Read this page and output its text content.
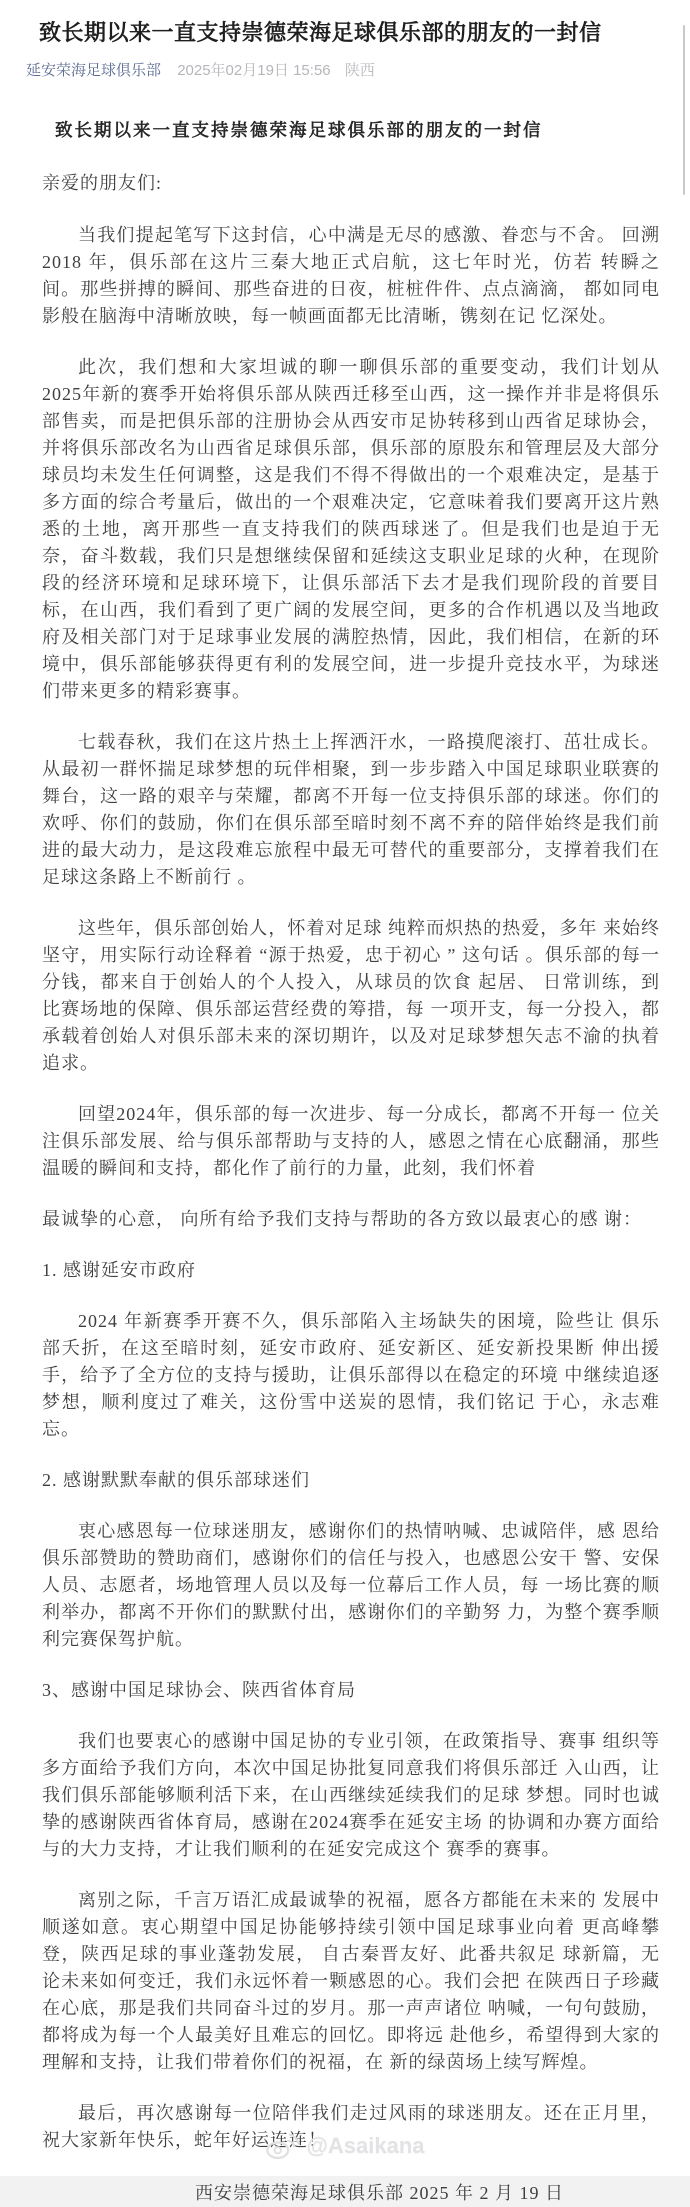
致长期以来一直支持崇德荣海足球俱乐部的朋友的一封信
延安荣海足球俱乐部 2025年02月19日 15:56 陕西
致长期以来一直支持崇德荣海足球俱乐部的朋友的一封信
亲爱的朋友们:

当我们提起笔写下这封信，心中满是无尽的感激、眷恋与不舍。 回溯 2018 年，俱乐部在这片三秦大地正式启航，这七年时光，仿若 转瞬之间。那些拼搏的瞬间、那些奋进的日夜，桩桩件件、点点滴滴， 都如同电影般在脑海中清晰放映，每一帧画面都无比清晰，镌刻在记 忆深处。

此次，我们想和大家坦诚的聊一聊俱乐部的重要变动，我们计划从2025年新的赛季开始将俱乐部从陕西迁移至山西，这一操作并非是将俱乐部售卖，而是把俱乐部的注册协会从西安市足协转移到山西省足球协会，并将俱乐部改名为山西省足球俱乐部，俱乐部的原股东和管理层及大部分球员均未发生任何调整，这是我们不得不得做出的一个艰难决定，是基于多方面的综合考量后，做出的一个艰难决定，它意味着我们要离开这片熟悉的土地，离开那些一直支持我们的陕西球迷了。但是我们也是迫于无奈，奋斗数载，我们只是想继续保留和延续这支职业足球的火种，在现阶段的经济环境和足球环境下，让俱乐部活下去才是我们现阶段的首要目标，在山西，我们看到了更广阔的发展空间，更多的合作机遇以及当地政府及相关部门对于足球事业发展的满腔热情，因此，我们相信，在新的环境中，俱乐部能够获得更有利的发展空间，进一步提升竞技水平，为球迷们带来更多的精彩赛事。

七载春秋，我们在这片热土上挥洒汗水，一路摸爬滚打、茁壮成长。从最初一群怀揣足球梦想的玩伴相聚，到一步步踏入中国足球职业联赛的舞台，这一路的艰辛与荣耀，都离不开每一位支持俱乐部的球迷。你们的欢呼、你们的鼓励，你们在俱乐部至暗时刻不离不弃的陪伴始终是我们前进的最大动力，是这段难忘旅程中最无可替代的重要部分，支撑着我们在足球这条路上不断前行 。

这些年，俱乐部创始人，怀着对足球 纯粹而炽热的热爱，多年 来始终坚守，用实际行动诠释着 “源于热爱，忠于初心 ” 这句话 。俱乐部的每一分钱，都来自于创始人的个人投入，从球员的饮食 起居、 日常训练，到比赛场地的保障、俱乐部运营经费的筹措，每 一项开支，每一分投入，都承载着创始人对俱乐部未来的深切期许，以及对足球梦想矢志不渝的执着追求。

回望2024年，俱乐部的每一次进步、每一分成长，都离不开每一 位关注俱乐部发展、给与俱乐部帮助与支持的人，感恩之情在心底翻涌，那些温暖的瞬间和支持，都化作了前行的力量，此刻，我们怀着

最诚挚的心意， 向所有给予我们支持与帮助的各方致以最衷心的感 谢：

1. 感谢延安市政府

2024 年新赛季开赛不久，俱乐部陷入主场缺失的困境，险些让 俱乐部夭折，在这至暗时刻，延安市政府、延安新区、延安新投果断 伸出援手，给予了全方位的支持与援助，让俱乐部得以在稳定的环境 中继续追逐梦想，顺利度过了难关，这份雪中送炭的恩情，我们铭记 于心，永志难忘。

2. 感谢默默奉献的俱乐部球迷们

衷心感恩每一位球迷朋友，感谢你们的热情呐喊、忠诚陪伴，感 恩给俱乐部赞助的赞助商们，感谢你们的信任与投入，也感恩公安干 警、安保人员、志愿者，场地管理人员以及每一位幕后工作人员，每 一场比赛的顺利举办，都离不开你们的默默付出，感谢你们的辛勤努 力，为整个赛季顺利完赛保驾护航。

3、感谢中国足球协会、陕西省体育局

我们也要衷心的感谢中国足协的专业引领，在政策指导、赛事 组织等多方面给予我们方向，本次中国足协批复同意我们将俱乐部迁 入山西，让我们俱乐部能够顺利活下来，在山西继续延续我们的足球 梦想。同时也诚挚的感谢陕西省体育局，感谢在2024赛季在延安主场 的协调和办赛方面给与的大力支持，才让我们顺利的在延安完成这个 赛季的赛事。

离别之际，千言万语汇成最诚挚的祝福，愿各方都能在未来的 发展中顺遂如意。衷心期望中国足协能够持续引领中国足球事业向着 更高峰攀登，陕西足球的事业蓬勃发展， 自古秦晋友好、此番共叙足 球新篇，无论未来如何变迁，我们永远怀着一颗感恩的心。我们会把 在陕西日子珍藏在心底，那是我们共同奋斗过的岁月。那一声声诸位 呐喊，一句句鼓励，都将成为每一个人最美好且难忘的回忆。即将远 赴他乡，希望得到大家的理解和支持，让我们带着你们的祝福，在 新的绿茵场上续写辉煌。

最后，再次感谢每一位陪伴我们走过风雨的球迷朋友。还在正月里， 祝大家新年快乐，蛇年好运连连！

西安崇德荣海足球俱乐部 2025 年 2 月 19 日
@Asaikana
